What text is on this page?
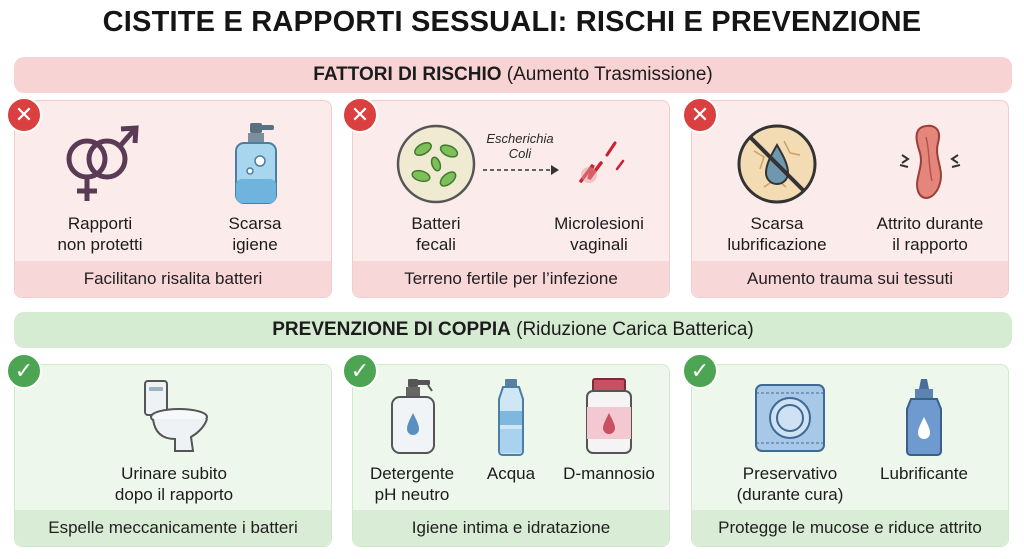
CISTITE E RAPPORTI SESSUALI: RISCHI E PREVENZIONE
FATTORI DI RISCHIO (Aumento Trasmissione)
✕
Rapporti
non protetti
Scarsa
igiene
Facilitano risalita batteri
✕
Batteri
fecali
Escherichia
Coli
Microlesioni
vaginali
Terreno fertile per l’infezione
✕
Scarsa
lubrificazione
Attrito durante
il rapporto
Aumento trauma sui tessuti
PREVENZIONE DI COPPIA (Riduzione Carica Batterica)
✓
Urinare subito
dopo il rapporto
Espelle meccanicamente i batteri
✓
Detergente
pH neutro
Acqua	D-mannosio
Igiene intima e idratazione
✓
Preservativo
(durante cura)
Lubrificante
Protegge le mucose e riduce attrito
